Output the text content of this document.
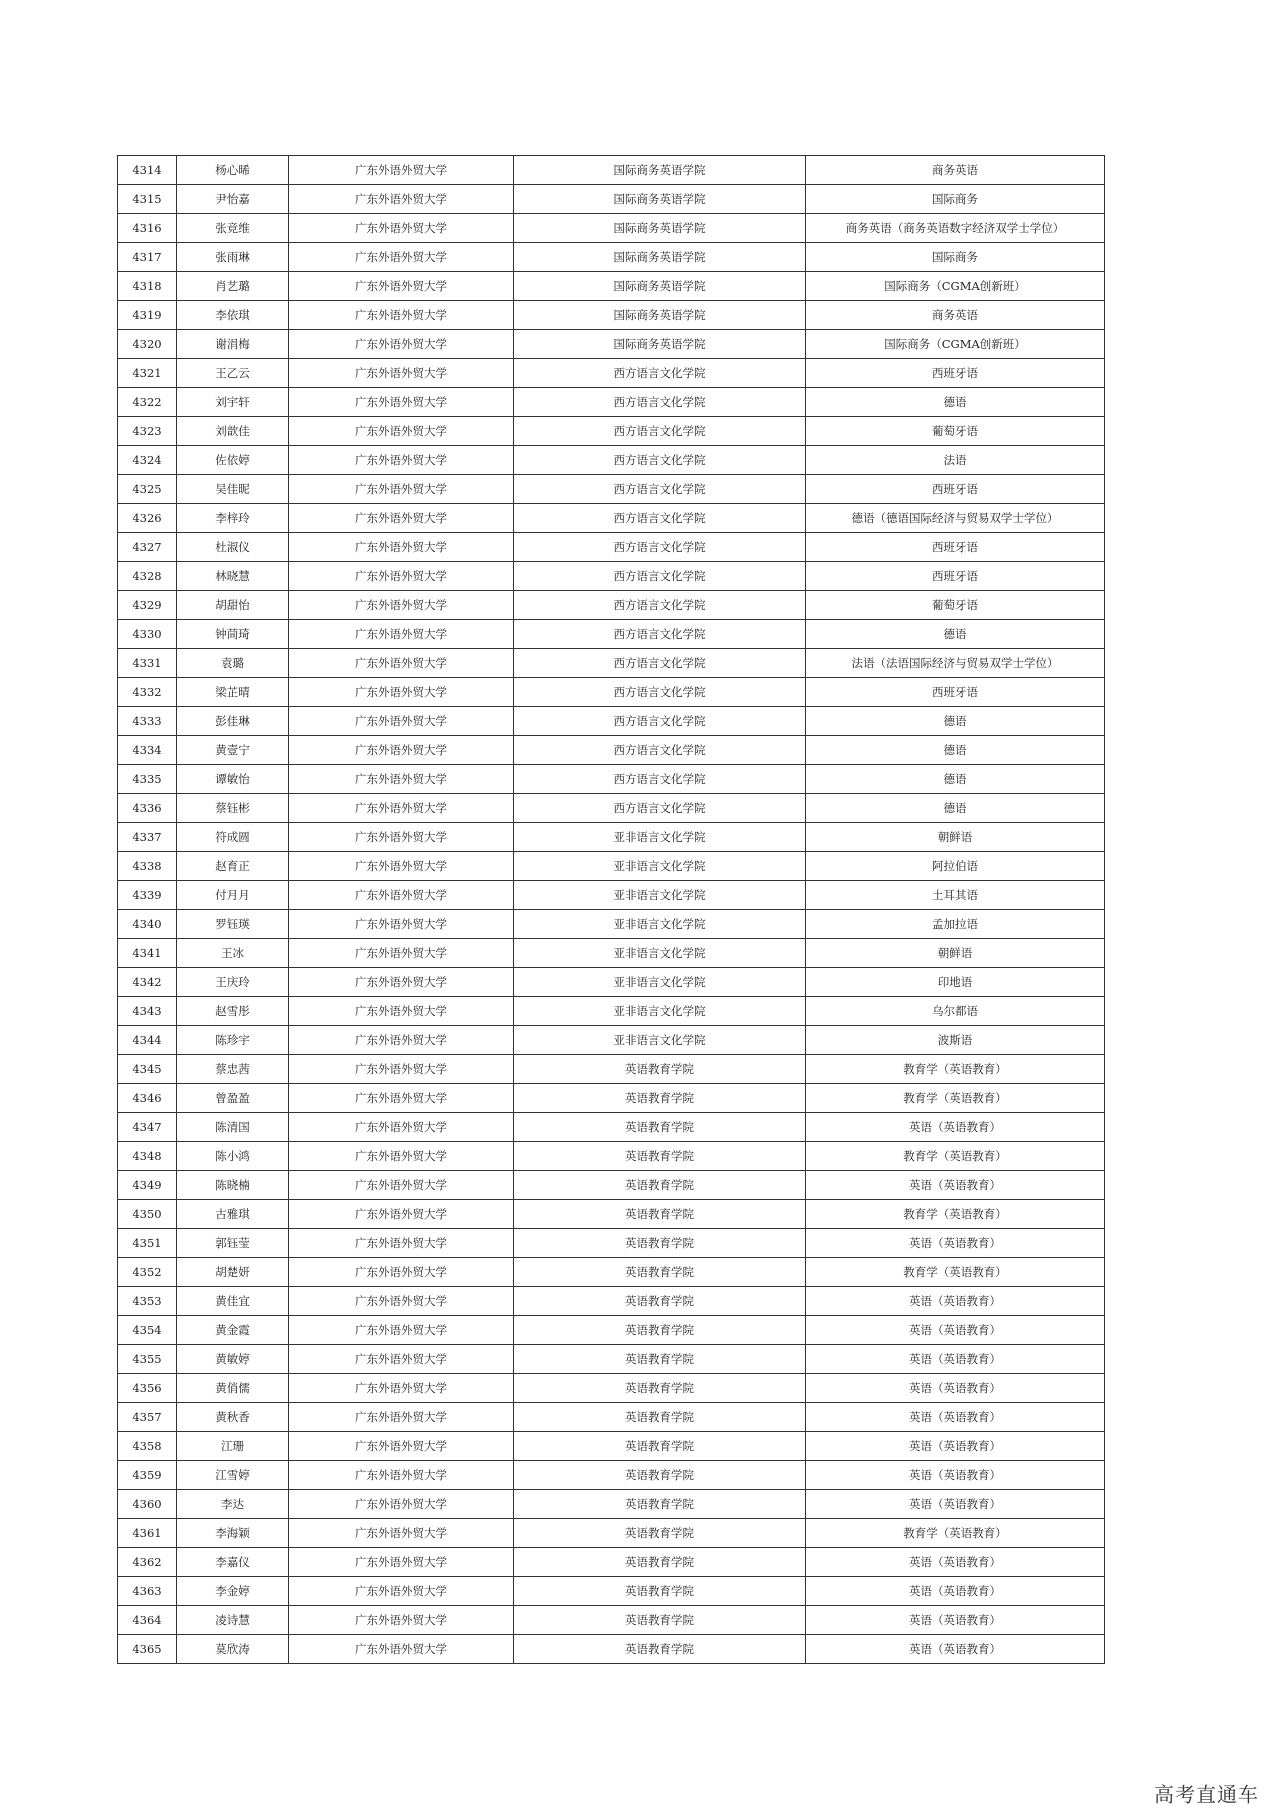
4314	杨心晞	广东外语外贸大学	国际商务英语学院	商务英语
4315	尹怡嘉	广东外语外贸大学	国际商务英语学院	国际商务
4316	张竞维	广东外语外贸大学	国际商务英语学院	商务英语（商务英语数字经济双学士学位）
4317	张雨琳	广东外语外贸大学	国际商务英语学院	国际商务
4318	肖艺璐	广东外语外贸大学	国际商务英语学院	国际商务（CGMA创新班）
4319	李依琪	广东外语外贸大学	国际商务英语学院	商务英语
4320	谢涓梅	广东外语外贸大学	国际商务英语学院	国际商务（CGMA创新班）
4321	王乙云	广东外语外贸大学	西方语言文化学院	西班牙语
4322	刘宇轩	广东外语外贸大学	西方语言文化学院	德语
4323	刘歆佳	广东外语外贸大学	西方语言文化学院	葡萄牙语
4324	佐依婷	广东外语外贸大学	西方语言文化学院	法语
4325	吴佳昵	广东外语外贸大学	西方语言文化学院	西班牙语
4326	李梓玲	广东外语外贸大学	西方语言文化学院	德语（德语国际经济与贸易双学士学位）
4327	杜淑仪	广东外语外贸大学	西方语言文化学院	西班牙语
4328	林晓慧	广东外语外贸大学	西方语言文化学院	西班牙语
4329	胡甜怡	广东外语外贸大学	西方语言文化学院	葡萄牙语
4330	钟茼琦	广东外语外贸大学	西方语言文化学院	德语
4331	袁璐	广东外语外贸大学	西方语言文化学院	法语（法语国际经济与贸易双学士学位）
4332	梁芷晴	广东外语外贸大学	西方语言文化学院	西班牙语
4333	彭佳琳	广东外语外贸大学	西方语言文化学院	德语
4334	黄壹宁	广东外语外贸大学	西方语言文化学院	德语
4335	谭敏怡	广东外语外贸大学	西方语言文化学院	德语
4336	蔡钰彬	广东外语外贸大学	西方语言文化学院	德语
4337	符成圆	广东外语外贸大学	亚非语言文化学院	朝鲜语
4338	赵育正	广东外语外贸大学	亚非语言文化学院	阿拉伯语
4339	付月月	广东外语外贸大学	亚非语言文化学院	土耳其语
4340	罗钰瑛	广东外语外贸大学	亚非语言文化学院	孟加拉语
4341	王冰	广东外语外贸大学	亚非语言文化学院	朝鲜语
4342	王庆玲	广东外语外贸大学	亚非语言文化学院	印地语
4343	赵雪彤	广东外语外贸大学	亚非语言文化学院	乌尔都语
4344	陈珍宇	广东外语外贸大学	亚非语言文化学院	波斯语
4345	蔡忠茜	广东外语外贸大学	英语教育学院	教育学（英语教育）
4346	曾盈盈	广东外语外贸大学	英语教育学院	教育学（英语教育）
4347	陈清国	广东外语外贸大学	英语教育学院	英语（英语教育）
4348	陈小鸿	广东外语外贸大学	英语教育学院	教育学（英语教育）
4349	陈晓楠	广东外语外贸大学	英语教育学院	英语（英语教育）
4350	古雅琪	广东外语外贸大学	英语教育学院	教育学（英语教育）
4351	郭钰莹	广东外语外贸大学	英语教育学院	英语（英语教育）
4352	胡楚妍	广东外语外贸大学	英语教育学院	教育学（英语教育）
4353	黄佳宜	广东外语外贸大学	英语教育学院	英语（英语教育）
4354	黄金霞	广东外语外贸大学	英语教育学院	英语（英语教育）
4355	黄敏婷	广东外语外贸大学	英语教育学院	英语（英语教育）
4356	黄俏儒	广东外语外贸大学	英语教育学院	英语（英语教育）
4357	黄秋香	广东外语外贸大学	英语教育学院	英语（英语教育）
4358	江珊	广东外语外贸大学	英语教育学院	英语（英语教育）
4359	江雪婷	广东外语外贸大学	英语教育学院	英语（英语教育）
4360	李达	广东外语外贸大学	英语教育学院	英语（英语教育）
4361	李海颖	广东外语外贸大学	英语教育学院	教育学（英语教育）
4362	李嘉仪	广东外语外贸大学	英语教育学院	英语（英语教育）
4363	李金婷	广东外语外贸大学	英语教育学院	英语（英语教育）
4364	凌诗慧	广东外语外贸大学	英语教育学院	英语（英语教育）
4365	莫欣涛	广东外语外贸大学	英语教育学院	英语（英语教育）
高考直通车
